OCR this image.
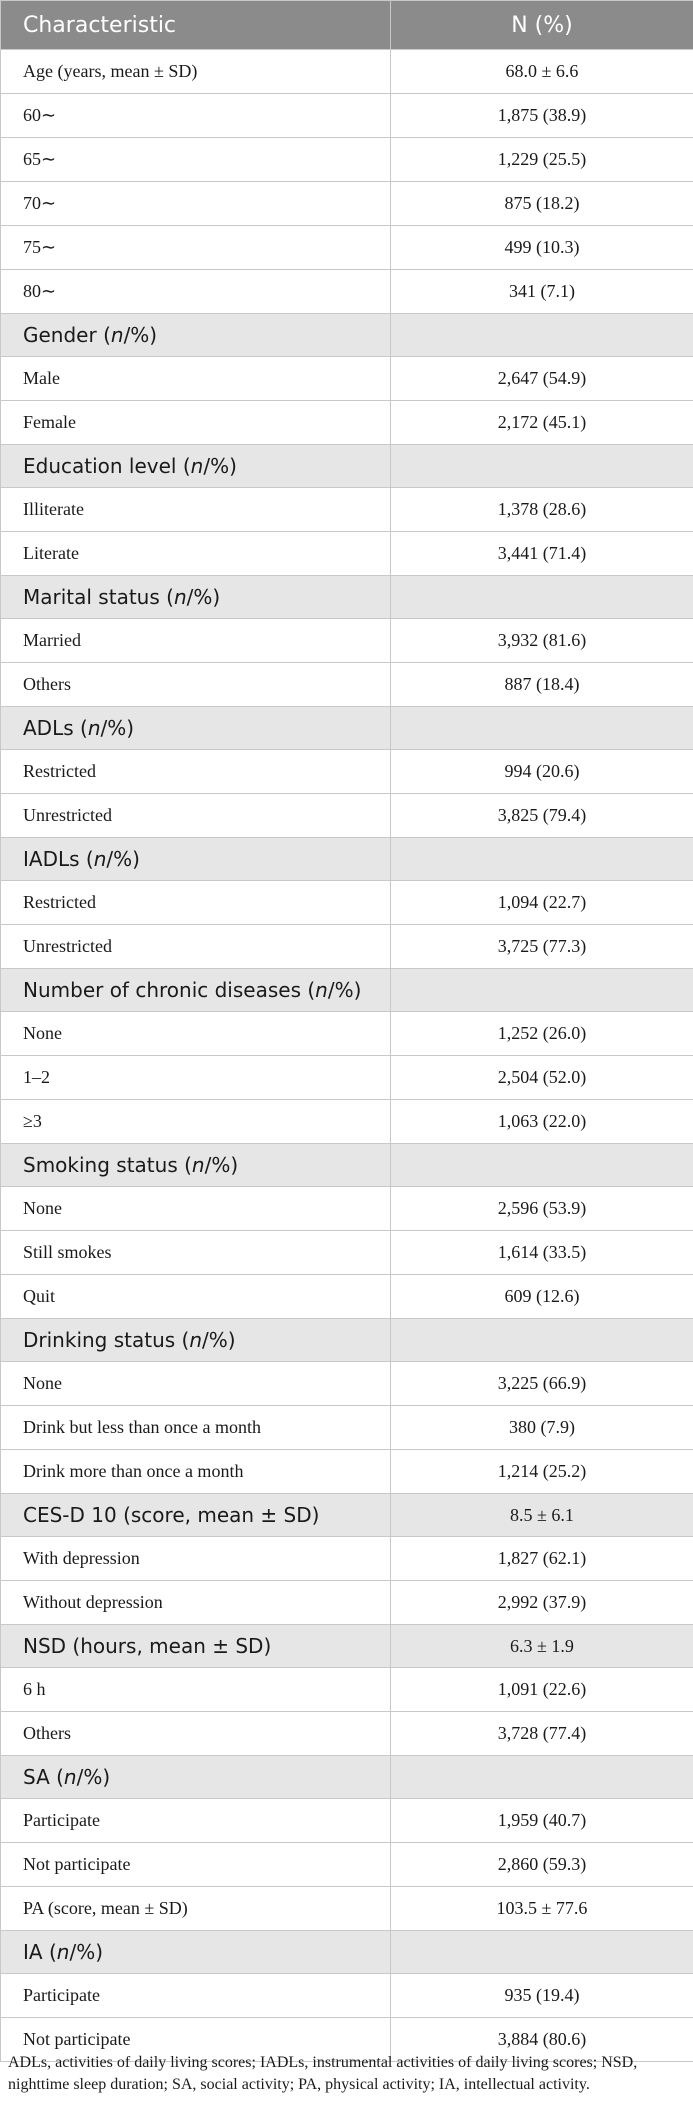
Characteristic	N (%)
Age (years, mean ± SD)	68.0 ± 6.6
60∼	1,875 (38.9)
65∼	1,229 (25.5)
70∼	875 (18.2)
75∼	499 (10.3)
80∼	341 (7.1)
Gender (n/%)	
Male	2,647 (54.9)
Female	2,172 (45.1)
Education level (n/%)	
Illiterate	1,378 (28.6)
Literate	3,441 (71.4)
Marital status (n/%)	
Married	3,932 (81.6)
Others	887 (18.4)
ADLs (n/%)	
Restricted	994 (20.6)
Unrestricted	3,825 (79.4)
IADLs (n/%)	
Restricted	1,094 (22.7)
Unrestricted	3,725 (77.3)
Number of chronic diseases (n/%)	
None	1,252 (26.0)
1–2	2,504 (52.0)
≥3	1,063 (22.0)
Smoking status (n/%)	
None	2,596 (53.9)
Still smokes	1,614 (33.5)
Quit	609 (12.6)
Drinking status (n/%)	
None	3,225 (66.9)
Drink but less than once a month	380 (7.9)
Drink more than once a month	1,214 (25.2)
CES-D 10 (score, mean ± SD)	8.5 ± 6.1
With depression	1,827 (62.1)
Without depression	2,992 (37.9)
NSD (hours, mean ± SD)	6.3 ± 1.9
6 h	1,091 (22.6)
Others	3,728 (77.4)
SA (n/%)	
Participate	1,959 (40.7)
Not participate	2,860 (59.3)
PA (score, mean ± SD)	103.5 ± 77.6
IA (n/%)	
Participate	935 (19.4)
Not participate	3,884 (80.6)
ADLs, activities of daily living scores; IADLs, instrumental activities of daily living scores; NSD, nighttime sleep duration; SA, social activity; PA, physical activity; IA, intellectual activity.
